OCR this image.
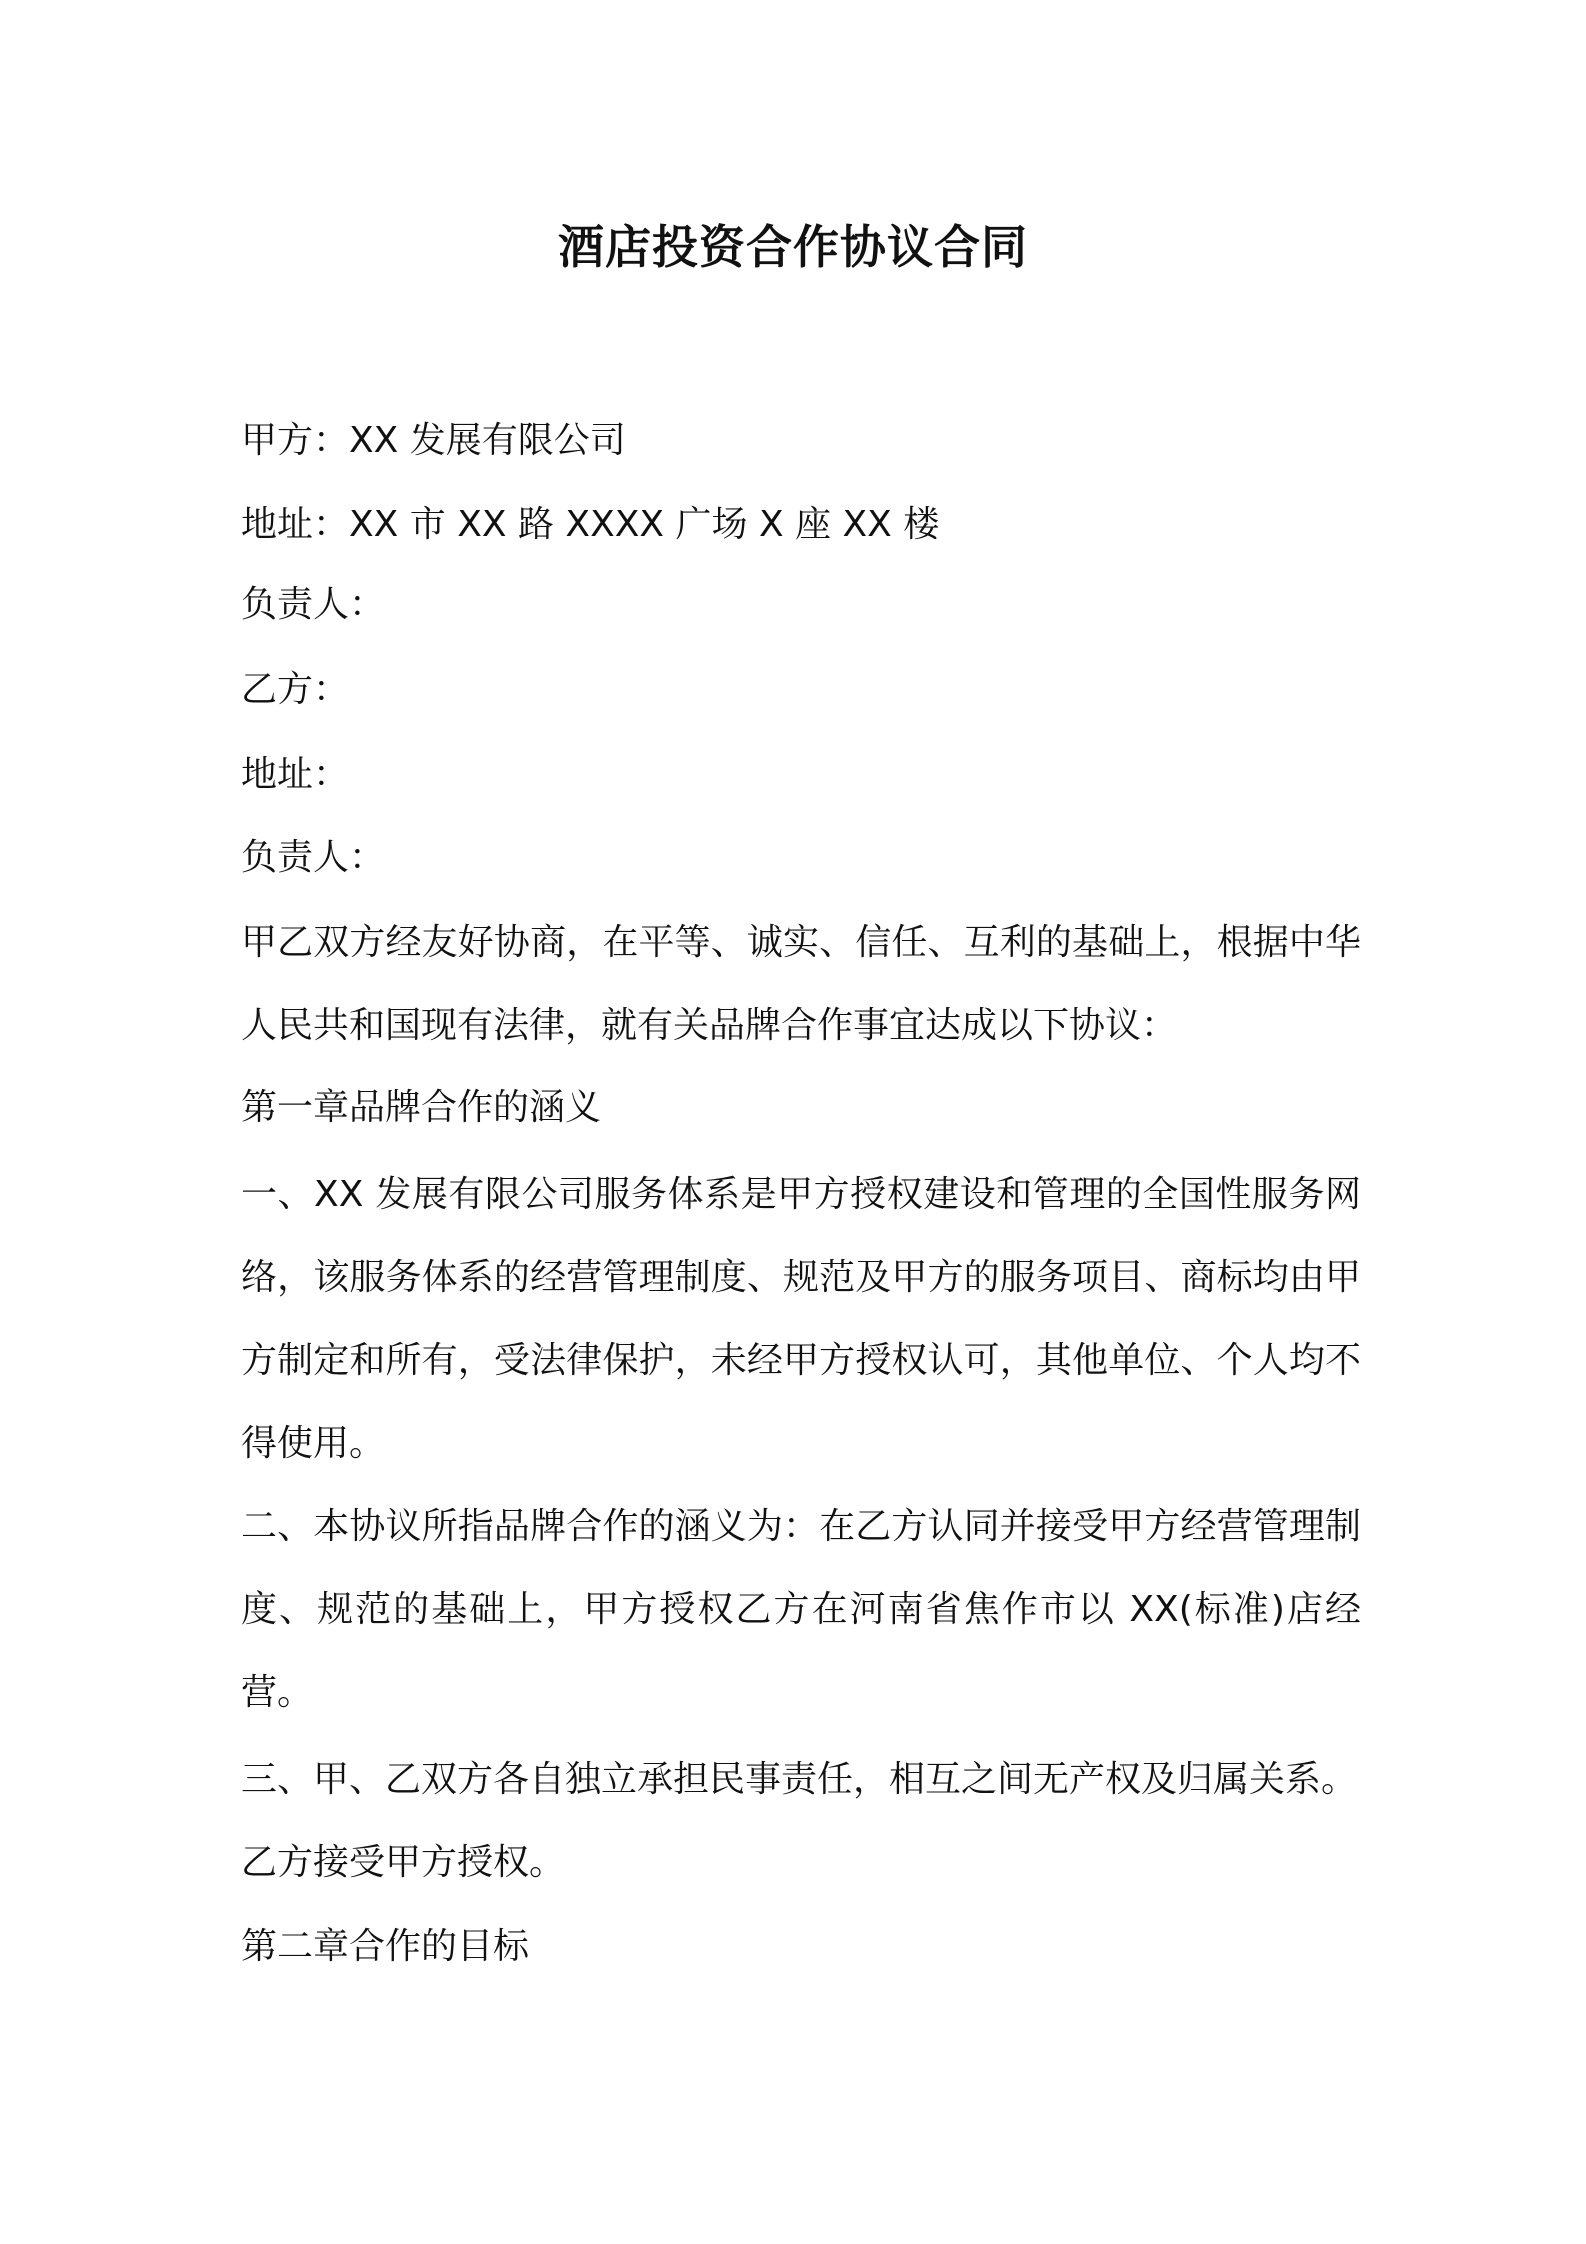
酒店投资合作协议合同
甲方：XX 发展有限公司
地址：XX 市 XX 路 XXXX 广场 X 座 XX 楼
负责人：
乙方：
地址：
负责人：
甲乙双方经友好协商，在平等、诚实、信任、互利的基础上，根据中华人民共和国现有法律，就有关品牌合作事宜达成以下协议：
第一章品牌合作的涵义
一、XX 发展有限公司服务体系是甲方授权建设和管理的全国性服务网络，该服务体系的经营管理制度、规范及甲方的服务项目、商标均由甲方制定和所有，受法律保护，未经甲方授权认可，其他单位、个人均不得使用。
二、本协议所指品牌合作的涵义为：在乙方认同并接受甲方经营管理制度、规范的基础上，甲方授权乙方在河南省焦作市以 XX(标准)店经营。
三、甲、乙双方各自独立承担民事责任，相互之间无产权及归属关系。
乙方接受甲方授权。
第二章合作的目标
